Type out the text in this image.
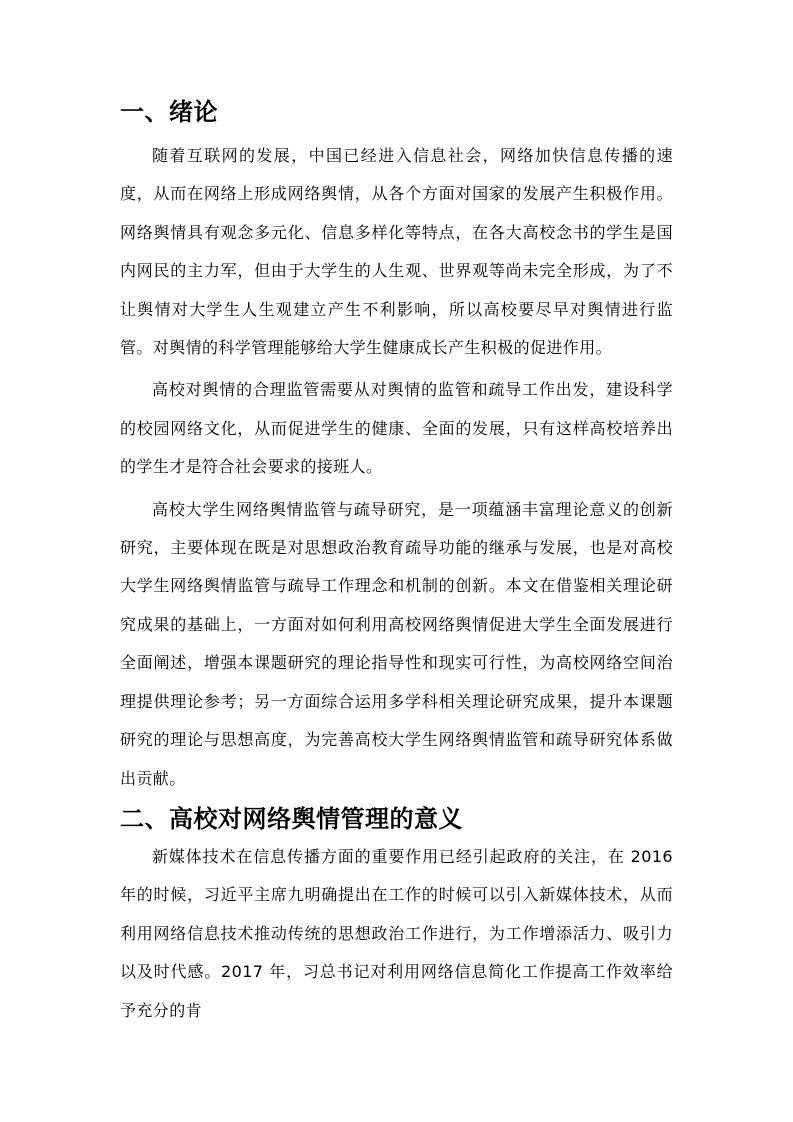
一、绪论

随着互联网的发展，中国已经进入信息社会，网络加快信息传播的速度，从而在网络上形成网络舆情，从各个方面对国家的发展产生积极作用。网络舆情具有观念多元化、信息多样化等特点，在各大高校念书的学生是国内网民的主力军，但由于大学生的人生观、世界观等尚未完全形成，为了不让舆情对大学生人生观建立产生不利影响，所以高校要尽早对舆情进行监管。对舆情的科学管理能够给大学生健康成长产生积极的促进作用。

高校对舆情的合理监管需要从对舆情的监管和疏导工作出发，建设科学的校园网络文化，从而促进学生的健康、全面的发展，只有这样高校培养出的学生才是符合社会要求的接班人。

高校大学生网络舆情监管与疏导研究，是一项蕴涵丰富理论意义的创新研究，主要体现在既是对思想政治教育疏导功能的继承与发展，也是对高校大学生网络舆情监管与疏导工作理念和机制的创新。本文在借鉴相关理论研究成果的基础上，一方面对如何利用高校网络舆情促进大学生全面发展进行全面阐述，增强本课题研究的理论指导性和现实可行性，为高校网络空间治理提供理论参考；另一方面综合运用多学科相关理论研究成果，提升本课题研究的理论与思想高度，为完善高校大学生网络舆情监管和疏导研究体系做出贡献。

二、高校对网络舆情管理的意义

新媒体技术在信息传播方面的重要作用已经引起政府的关注，在 2016 年的时候，习近平主席九明确提出在工作的时候可以引入新媒体技术，从而利用网络信息技术推动传统的思想政治工作进行，为工作增添活力、吸引力以及时代感。2017 年，习总书记对利用网络信息简化工作提高工作效率给予充分的肯
